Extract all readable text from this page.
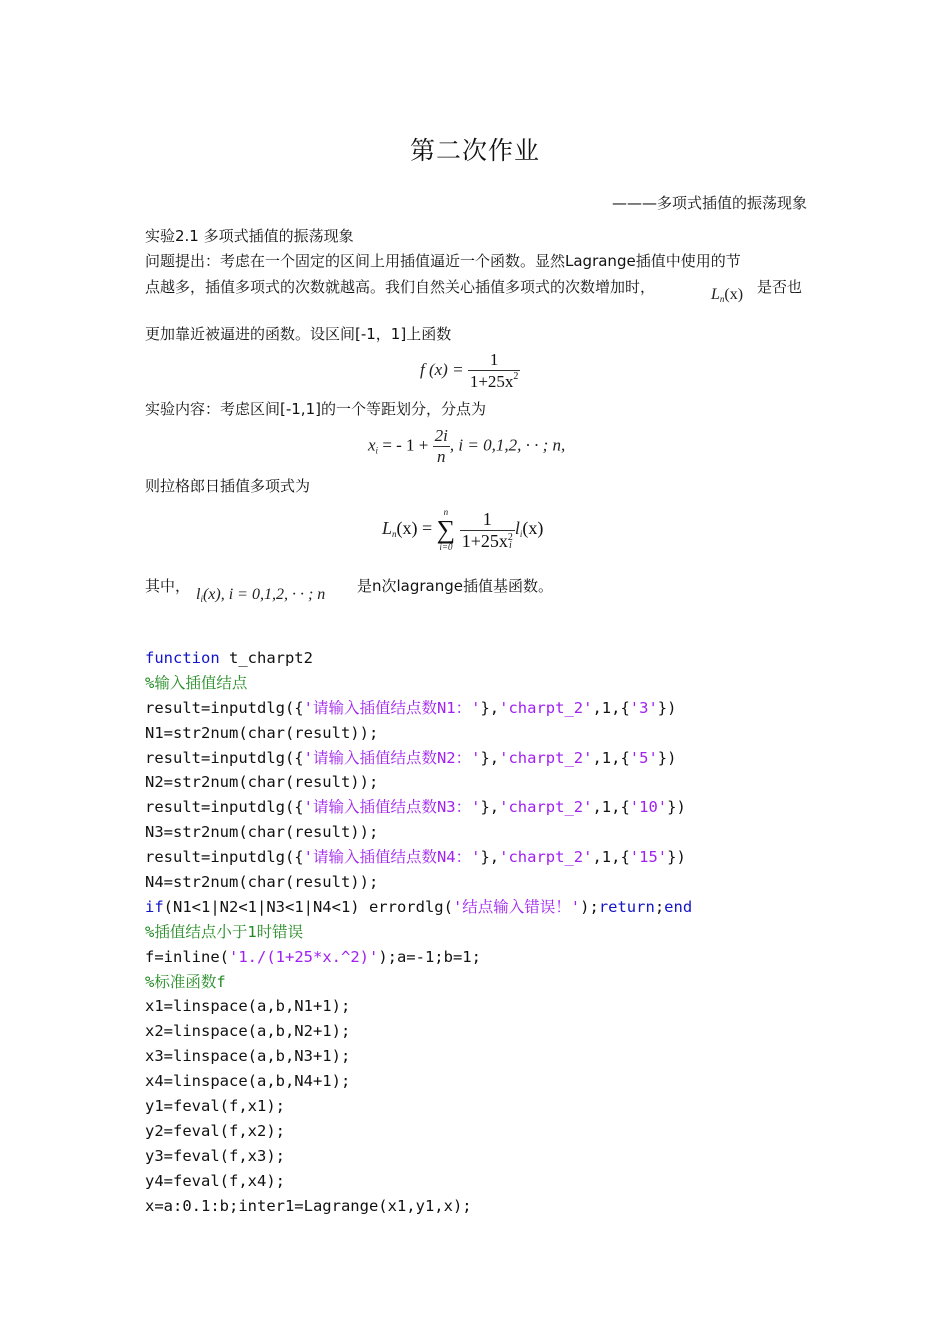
第二次作业
———多项式插值的振荡现象
实验2.1 多项式插值的振荡现象
问题提出：考虑在一个固定的区间上用插值逼近一个函数。显然Lagrange插值中使用的节
点越多，插值多项式的次数就越高。我们自然关心插值多项式的次数增加时，	$L_n(x)$ 是否也
更加靠近被逼进的函数。设区间[-1，1]上函数
f $(x) = \frac{1}{1+25x^2}$
实验内容：考虑区间[-1,1]的一个等距划分，分点为
$x_i$ = - $1 + \frac{2i}{n}$ , i = 0,1,2, · · ; n,
则拉格郎日插值多项式为
$L_n(x)$ =
n
∑
i=0
1
1+25x 2
i $l_i(x)$
其中， $l_i(x)$, i = 0,1,2, · · ; n 是n次lagrange插值基函数。
function t_charpt2
%输入插值结点
result=inputdlg({'请输入插值结点数N1：'},'charpt_2',1,{'3'})
N1=str2num(char(result));
result=inputdlg({'请输入插值结点数N2：'},'charpt_2',1,{'5'})
N2=str2num(char(result));
result=inputdlg({'请输入插值结点数N3：'},'charpt_2',1,{'10'})
N3=str2num(char(result));
result=inputdlg({'请输入插值结点数N4：'},'charpt_2',1,{'15'})
N4=str2num(char(result));
if(N1<1|N2<1|N3<1|N4<1) errordlg('结点输入错误！');return;end
%插值结点小于1时错误
f=inline('1./(1+25*x.^2)');a=-1;b=1;
%标准函数f
x1=linspace(a,b,N1+1);
x2=linspace(a,b,N2+1);
x3=linspace(a,b,N3+1);
x4=linspace(a,b,N4+1);
y1=feval(f,x1);
y2=feval(f,x2);
y3=feval(f,x3);
y4=feval(f,x4);
x=a:0.1:b;inter1=Lagrange(x1,y1,x);
